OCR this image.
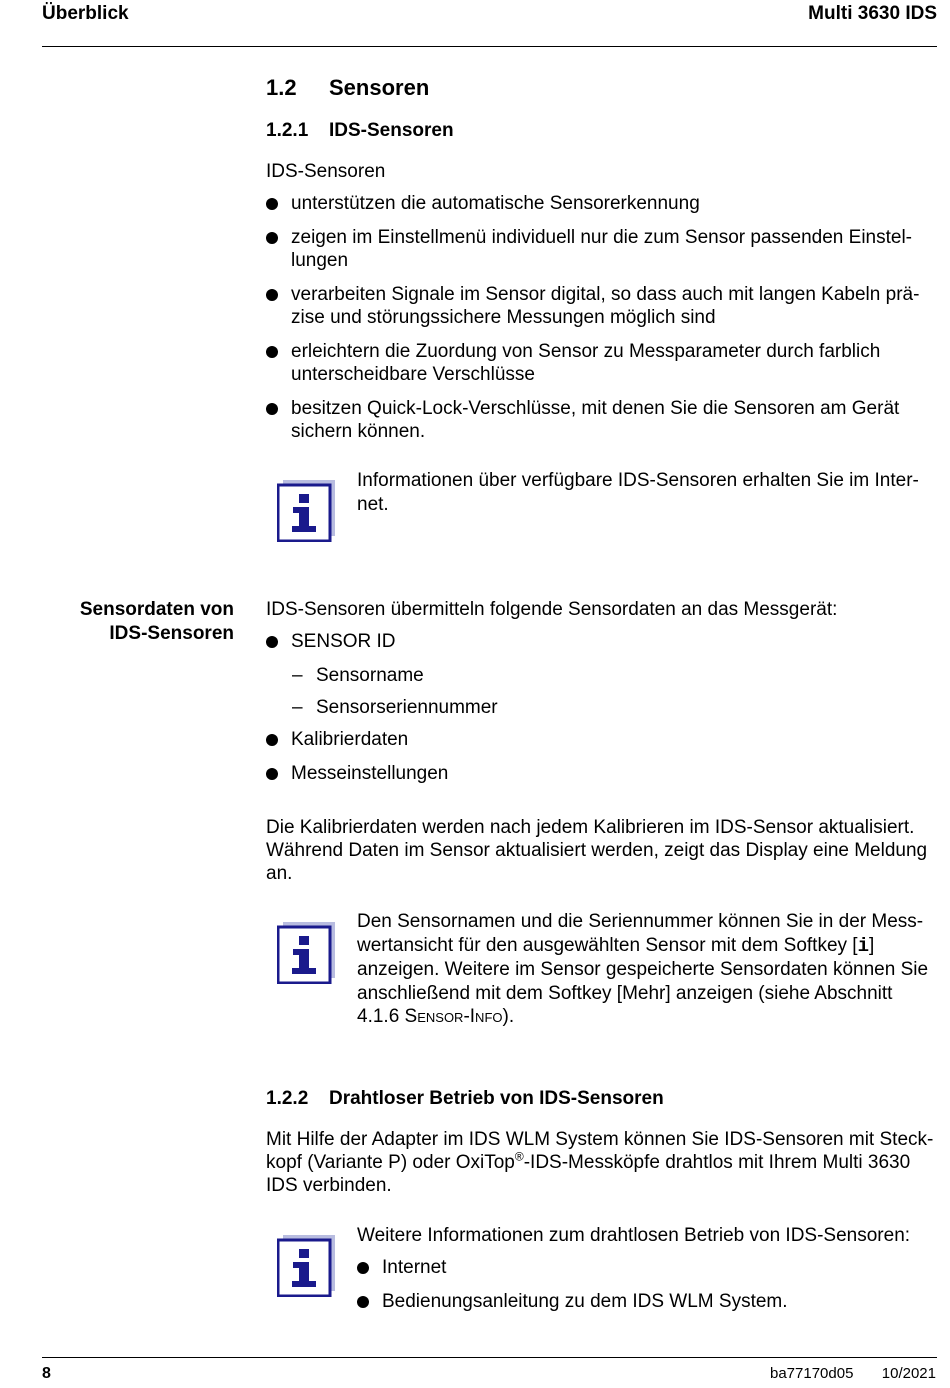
Überblick	Multi 3630 IDS
1.2 Sensoren
1.2.1 IDS-Sensoren
IDS-Sensoren
unterstützen die automatische Sensorerkennung
zeigen im Einstellmenü individuell nur die zum Sensor passenden Einstel-lungen
verarbeiten Signale im Sensor digital, so dass auch mit langen Kabeln prä-zise und störungssichere Messungen möglich sind
erleichtern die Zuordung von Sensor zu Messparameter durch farblich unterscheidbare Verschlüsse
besitzen Quick-Lock-Verschlüsse, mit denen Sie die Sensoren am Gerät sichern können.
Informationen über verfügbare IDS-Sensoren erhalten Sie im Inter-net.
Sensordaten von
IDS-Sensoren
IDS-Sensoren übermitteln folgende Sensordaten an das Messgerät:
SENSOR ID
– Sensorname
– Sensorseriennummer
Kalibrierdaten
Messeinstellungen
Die Kalibrierdaten werden nach jedem Kalibrieren im IDS-Sensor aktualisiert. Während Daten im Sensor aktualisiert werden, zeigt das Display eine Meldung an.
Den Sensornamen und die Seriennummer können Sie in der Mess-wertansicht für den ausgewählten Sensor mit dem Softkey [i] anzeigen. Weitere im Sensor gespeicherte Sensordaten können Sie anschließend mit dem Softkey [Mehr] anzeigen (siehe Abschnitt 4.1.6 Sensor-Info).
1.2.2 Drahtloser Betrieb von IDS-Sensoren
Mit Hilfe der Adapter im IDS WLM System können Sie IDS-Sensoren mit Steck-kopf (Variante P) oder OxiTop®-IDS-Messköpfe drahtlos mit Ihrem Multi 3630 IDS verbinden.
Weitere Informationen zum drahtlosen Betrieb von IDS-Sensoren:
Internet
Bedienungsanleitung zu dem IDS WLM System.
8	ba77170d05 10/2021
